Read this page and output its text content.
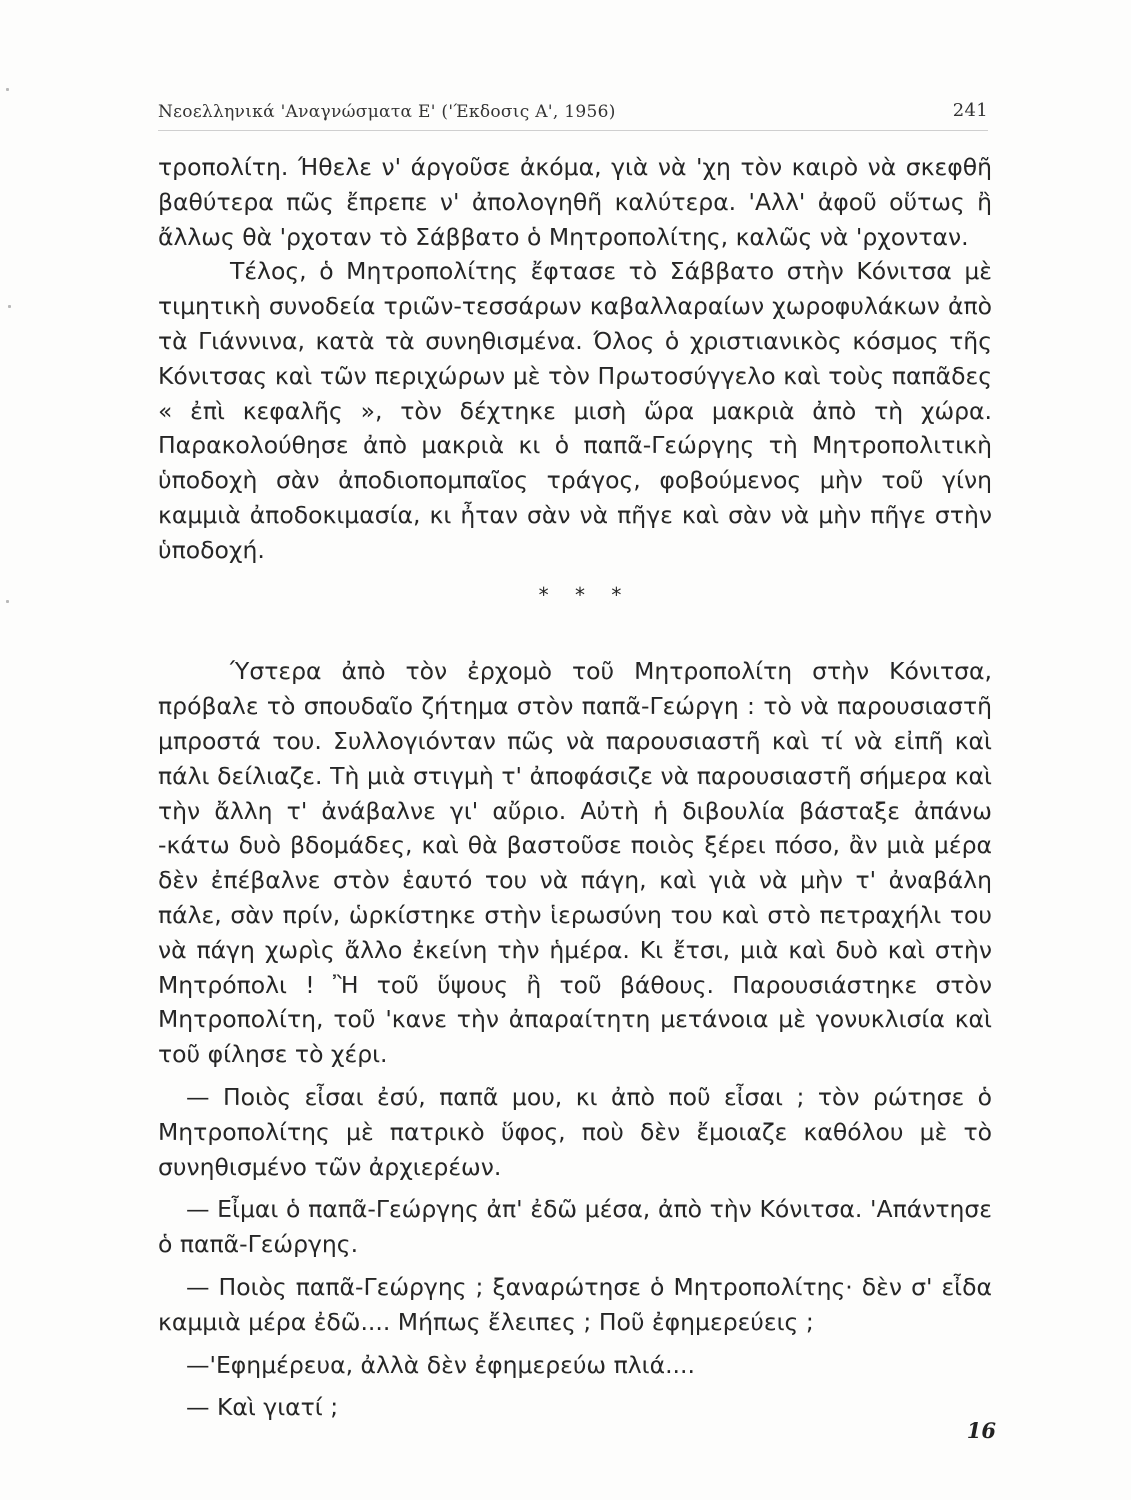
Νεοελληνικά 'Αναγνώσματα Ε' ('Έκδοσις Α', 1956)	241

τροπολίτη. Ήθελε ν' άργοῦσε ἀκόμα, γιὰ νὰ 'χη τὸν καιρὸ νὰ σκεφθῆ βαθύτερα πῶς ἔπρεπε ν' ἀπολογηθῆ καλύτερα. 'Αλλ' ἀφοῦ οὕτως ἢ ἄλλως θὰ 'ρχοταν τὸ Σάββατο ὁ Μητροπολίτης, καλῶς νὰ 'ρχονταν.

Τέλος, ὁ Μητροπολίτης ἔφτασε τὸ Σάββατο στὴν Κόνιτσα μὲ τιμητικὴ συνοδεία τριῶν-τεσσάρων καβαλλαραίων χωροφυλάκων ἀπὸ τὰ Γιάννινα, κατὰ τὰ συνηθισμένα. Όλος ὁ χριστιανικὸς κόσμος τῆς Κόνιτσας καὶ τῶν περιχώρων μὲ τὸν Πρωτοσύγγελο καὶ τοὺς παπᾶδες « ἐπὶ κεφαλῆς », τὸν δέχτηκε μισὴ ὥρα μακριὰ ἀπὸ τὴ χώρα. Παρακολούθησε ἀπὸ μακριὰ κι ὁ παπᾶ-Γεώργης τὴ Μητροπολιτικὴ ὑποδοχὴ σὰν ἀποδιοπομπαῖος τράγος, φοβούμενος μὴν τοῦ γίνη καμμιὰ ἀποδοκιμασία, κι ἦταν σὰν νὰ πῆγε καὶ σὰν νὰ μὴν πῆγε στὴν ὑποδοχή.

* * *

Ύστερα ἀπὸ τὸν ἐρχομὸ τοῦ Μητροπολίτη στὴν Κόνιτσα, πρόβαλε τὸ σπουδαῖο ζήτημα στὸν παπᾶ-Γεώργη : τὸ νὰ παρουσιαστῆ μπροστά του. Συλλογιόνταν πῶς νὰ παρουσιαστῆ καὶ τί νὰ εἰπῆ καὶ πάλι δείλιαζε. Τὴ μιὰ στιγμὴ τ' ἀποφάσιζε νὰ παρουσιαστῆ σήμερα καὶ τὴν ἄλλη τ' ἀνάβαλνε γι' αὔριο. Αὐτὴ ἡ διβουλία βάσταξε ἀπάνω -κάτω δυὸ βδομάδες, καὶ θὰ βαστοῦσε ποιὸς ξέρει πόσο, ἂν μιὰ μέρα δὲν ἐπέβαλνε στὸν ἑαυτό του νὰ πάγη, καὶ γιὰ νὰ μὴν τ' ἀναβάλη πάλε, σὰν πρίν, ὡρκίστηκε στὴν ἱερωσύνη του καὶ στὸ πετραχήλι του νὰ πάγη χωρὶς ἄλλο ἐκείνη τὴν ἡμέρα. Κι ἔτσι, μιὰ καὶ δυὸ καὶ στὴν Μητρόπολι ! Ἢ τοῦ ὕψους ἢ τοῦ βάθους. Παρουσιάστηκε στὸν Μητροπολίτη, τοῦ 'κανε τὴν ἀπαραίτητη μετάνοια μὲ γονυκλισία καὶ τοῦ φίλησε τὸ χέρι.

— Ποιὸς εἶσαι ἐσύ, παπᾶ μου, κι ἀπὸ ποῦ εἶσαι ; τὸν ρώτησε ὁ Μητροπολίτης μὲ πατρικὸ ὕφος, ποὺ δὲν ἔμοιαζε καθόλου μὲ τὸ συνηθισμένο τῶν ἀρχιερέων.

— Εἶμαι ὁ παπᾶ-Γεώργης ἀπ' ἐδῶ μέσα, ἀπὸ τὴν Κόνιτσα. 'Απάντησε ὁ παπᾶ-Γεώργης.

— Ποιὸς παπᾶ-Γεώργης ; ξαναρώτησε ὁ Μητροπολίτης· δὲν σ' εἶδα καμμιὰ μέρα ἐδῶ.... Μήπως ἔλειπες ; Ποῦ ἐφημερεύεις ;

—'Εφημέρευα, ἀλλὰ δὲν ἐφημερεύω πλιά....

— Καὶ γιατί ;

16
